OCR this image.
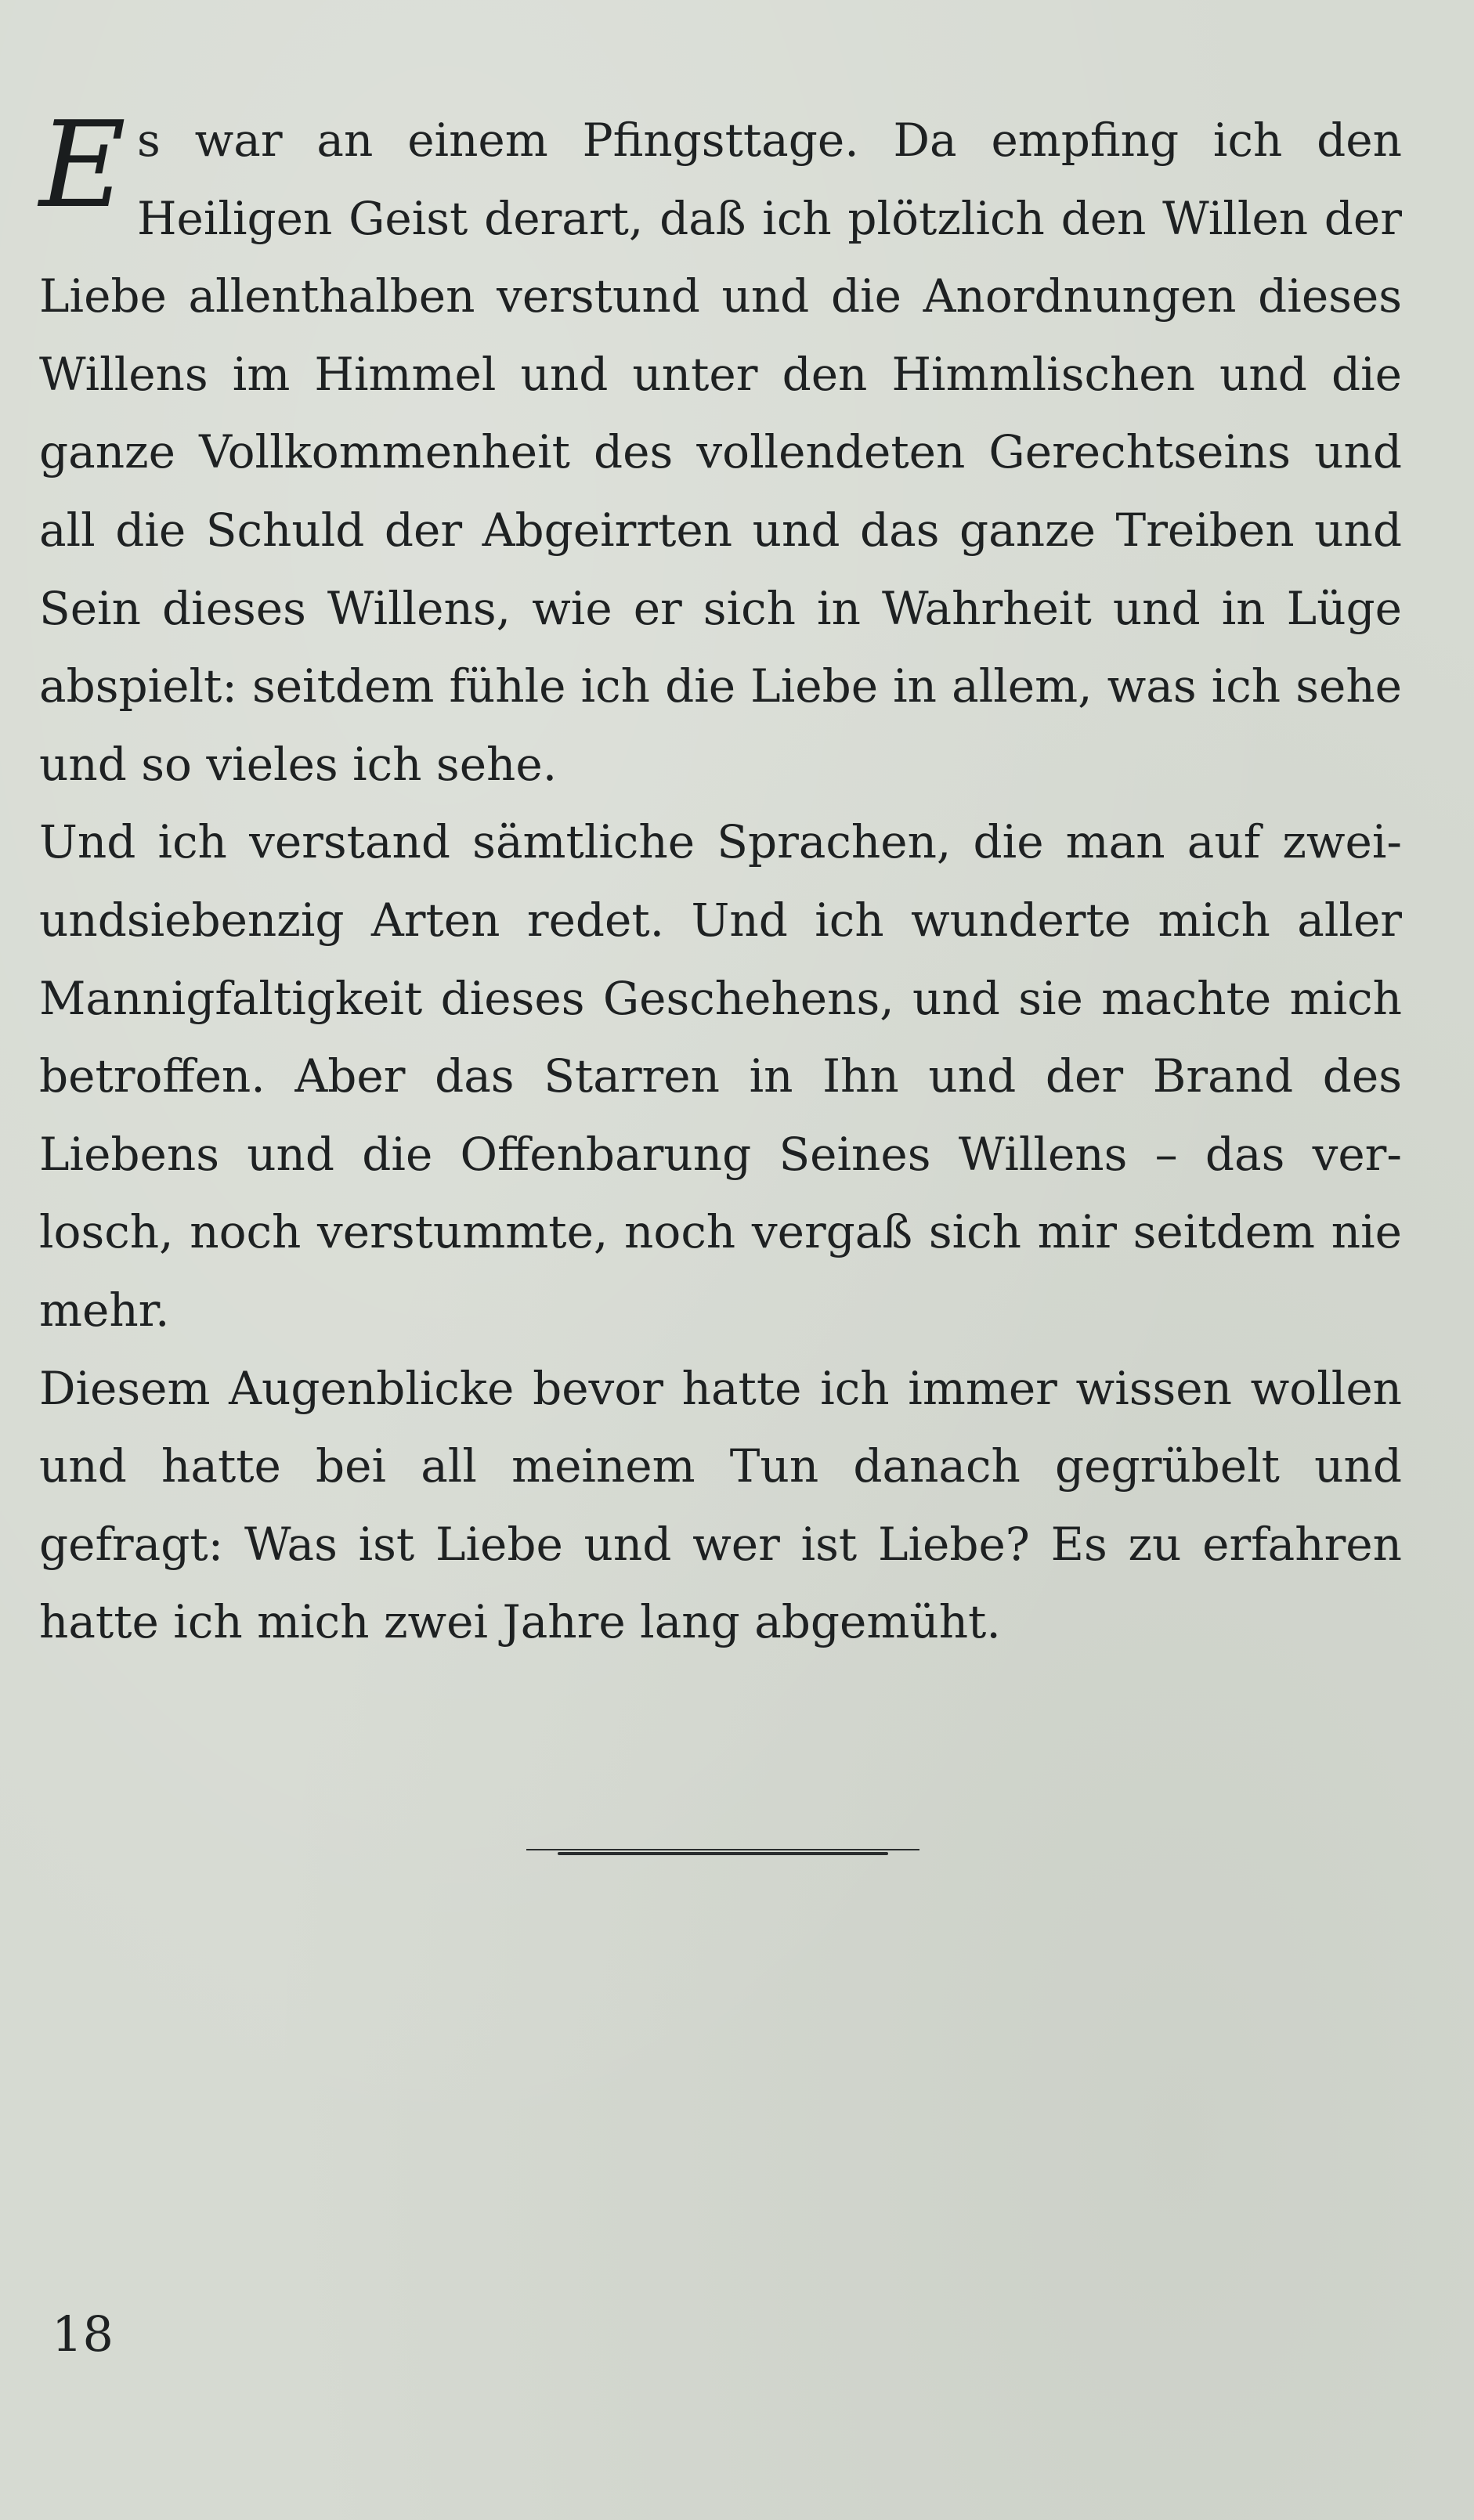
Es war an einem Pfingsttage. Da empfing ich den Heiligen Geist derart, daß ich plötzlich den Willen der Liebe allenthalben verstund und die Anordnungen dieses Willens im Himmel und unter den Himmlischen und die ganze Vollkommenheit des vollendeten Gerechtseins und all die Schuld der Abgeirrten und das ganze Treiben und Sein dieses Willens, wie er sich in Wahrheit und in Lüge abspielt: seitdem fühle ich die Liebe in allem, was ich sehe und so vieles ich sehe.

Und ich verstand sämtliche Sprachen, die man auf zwei- undsiebenzig Arten redet. Und ich wunderte mich aller Mannigfaltigkeit dieses Geschehens, und sie machte mich betroffen. Aber das Starren in Ihn und der Brand des Liebens und die Offenbarung Seines Willens – das ver- losch, noch verstummte, noch vergaß sich mir seitdem nie mehr.

Diesem Augenblicke bevor hatte ich immer wissen wollen und hatte bei all meinem Tun danach gegrübelt und gefragt: Was ist Liebe und wer ist Liebe? Es zu erfahren hatte ich mich zwei Jahre lang abgemüht.

18
